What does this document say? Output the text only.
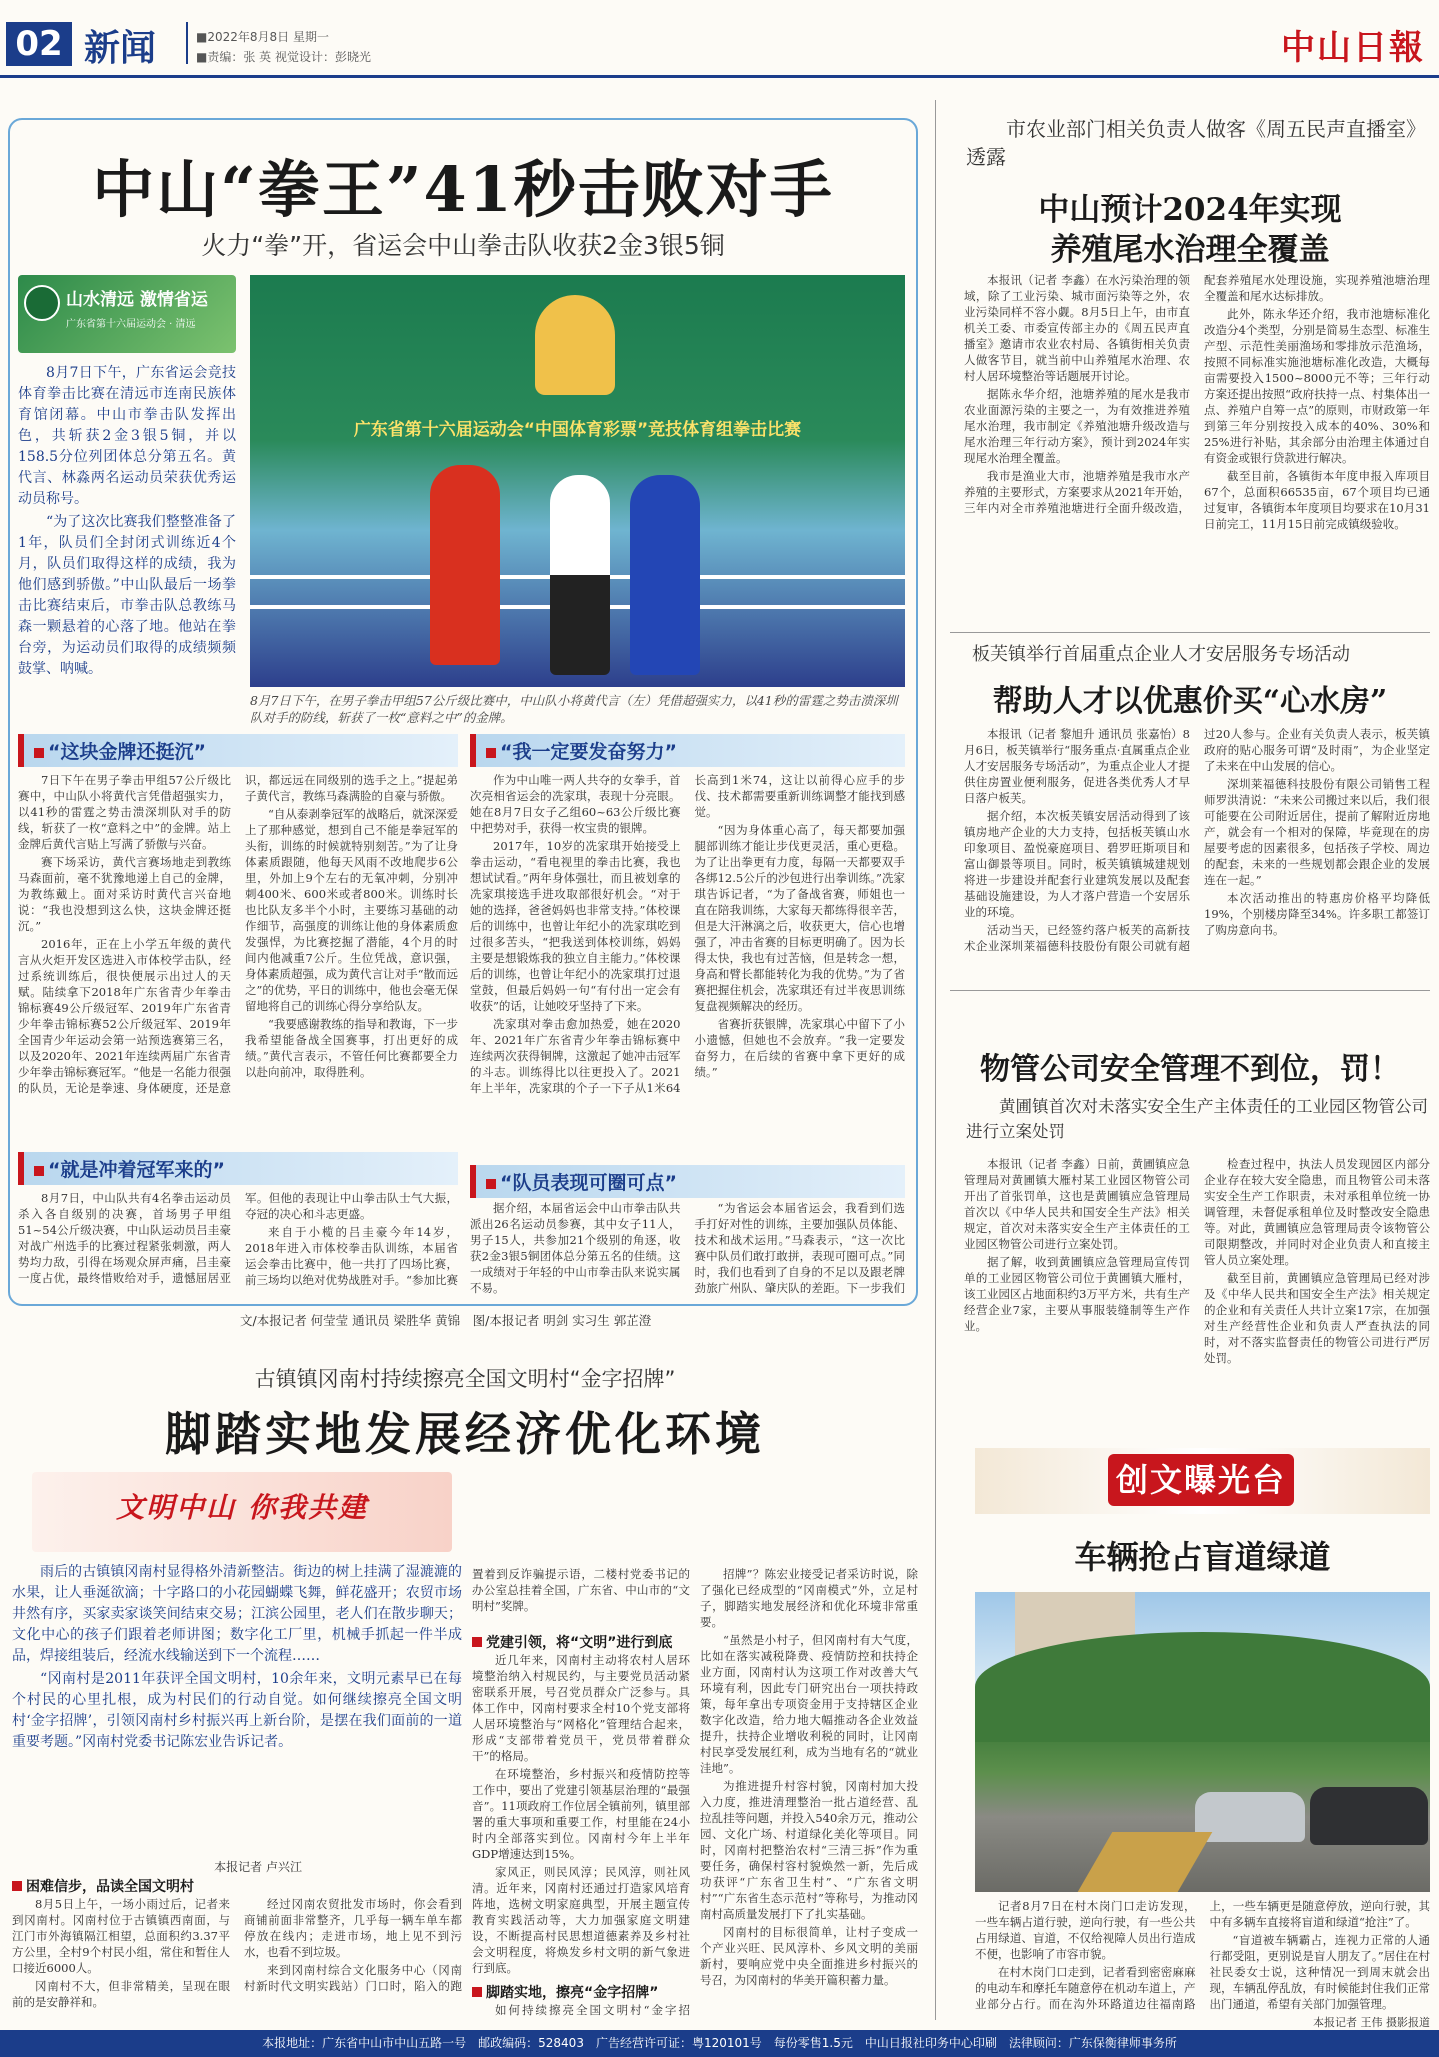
02 新闻	■2022年8月8日 星期一
■责编：张 英 视觉设计：彭晓光	中山日報
中山“拳王”41秒击败对手
火力“拳”开，省运会中山拳击队收获2金3银5铜
山水清远 激情省运
广东省第十六届运动会 · 清远

8月7日下午，广东省运会竞技体育拳击比赛在清远市连南民族体育馆闭幕。中山市拳击队发挥出色，共斩获2金3银5铜，并以158.5分位列团体总分第五名。黄代言、林淼两名运动员荣获优秀运动员称号。

“为了这次比赛我们整整准备了1年，队员们全封闭式训练近4个月，队员们取得这样的成绩，我为他们感到骄傲。”中山队最后一场拳击比赛结束后，市拳击队总教练马森一颗悬着的心落了地。他站在拳台旁，为运动员们取得的成绩频频鼓掌、呐喊。

广东省第十六届运动会“中国体育彩票”竞技体育组拳击比赛
8月7日下午，在男子拳击甲组57公斤级比赛中，中山队小将黄代言（左）凭借超强实力，以41秒的雷霆之势击溃深圳队对手的防线，斩获了一枚“意料之中”的金牌。
“这块金牌还挺沉”

7日下午在男子拳击甲组57公斤级比赛中，中山队小将黄代言凭借超强实力，以41秒的雷霆之势击溃深圳队对手的防线，斩获了一枚“意料之中”的金牌。站上金牌后黄代言贴上写满了骄傲与兴奋。

赛下场采访，黄代言赛场地走到教练马森面前，毫不犹豫地递上自己的金牌，为教练戴上。面对采访时黄代言兴奋地说：“我也没想到这么快，这块金牌还挺沉。”

2016年，正在上小学五年级的黄代言从火炬开发区选进入市体校学击队，经过系统训练后，很快便展示出过人的天赋。陆续拿下2018年广东省青少年拳击锦标赛49公斤级冠军、2019年广东省青少年拳击锦标赛52公斤级冠军、2019年全国青少年运动会第一站预选赛第三名，以及2020年、2021年连续两届广东省青少年拳击锦标赛冠军。“他是一名能力很强的队员，无论是拳速、身体硬度，还是意识，都远远在同级别的选手之上。”提起弟子黄代言，教练马森满脸的自豪与骄傲。

“自从泰剥拳冠军的战略后，就深深爱上了那种感觉，想到自己不能是拳冠军的头衔，训练的时候就特别刻苦。”为了让身体素质跟随，他每天风雨不改地爬步6公里，外加上9个左右的无氧冲刺，分别冲刺400米、600米或者800米。训练时长也比队友多半个小时，主要练习基础的动作细节，高强度的训练让他的身体素质愈发强悍，为比赛挖掘了潜能，4个月的时间内他减重7公斤。生位凭战，意识强，身体素质超强，成为黄代言让对手“散而远之”的优势，平日的训练中，他也会毫无保留地将自己的训练心得分享给队友。

“我要感谢教练的指导和教诲，下一步我希望能备战全国赛事，打出更好的成绩。”黄代言表示，不管任何比赛都要全力以赴向前冲，取得胜利。

“我一定要发奋努力”

作为中山唯一两人共夺的女拳手，首次亮相省运会的冼家琪，表现十分亮眼。她在8月7日女子乙组60~63公斤级比赛中把势对手，获得一枚宝贵的银牌。

2017年，10岁的冼家琪开始接受上拳击运动，“看电视里的拳击比赛，我也想试试看。”两年身体强壮，而且被划拿的冼家琪接选手进攻取部很好机会。“对于她的选择，爸爸妈妈也非常支持。”体校课后的训练中，也曾让年纪小的冼家琪吃到过很多苦头，“把我送到体校训练，妈妈主要是想锻炼我的独立自主能力。”体校课后的训练，也曾让年纪小的冼家琪打过退堂鼓，但最后妈妈一句“有付出一定会有收获”的话，让她咬牙坚持了下来。

冼家琪对拳击愈加热爱，她在2020年、2021年广东省青少年拳击锦标赛中连续两次获得铜牌，这激起了她冲击冠军的斗志。训练得比以往更投入了。2021年上半年，冼家琪的个子一下子从1米64长高到1米74，这让以前得心应手的步伐、技术都需要重新训练调整才能找到感觉。

“因为身体重心高了，每天都要加强腿部训练才能让步伐更灵活，重心更稳。为了让出拳更有力度，每隔一天都要双手各绑12.5公斤的沙包进行出拳训练。”冼家琪告诉记者，“为了备战省赛，师姐也一直在陪我训练，大家每天都练得很辛苦，但是大汗淋漓之后，收获更大，信心也增强了，冲击省赛的目标更明确了。因为长得太快，我也有过苦恼，但是转念一想，身高和臂长都能转化为我的优势。”为了省赛把握住机会，冼家琪还有过半夜思训练复盘视频解决的经历。

省赛折获银牌，冼家琪心中留下了小小遗憾，但她也不会放弃。“我一定要发奋努力，在后续的省赛中拿下更好的成绩。”

“就是冲着冠军来的”

8月7日，中山队共有4名拳击运动员杀入各自级别的决赛，首场男子甲组51~54公斤级决赛，中山队运动员吕圭豪对战广州选手的比赛过程紧张刺激，两人势均力敌，引得在场观众屏声痛，吕圭豪一度占优，最终惜败给对手，遗憾屈居亚军。但他的表现让中山拳击队士气大振，夺冠的决心和斗志更盛。

来自于小榄的吕圭豪今年14岁，2018年进入市体校拳击队训练，本届省运会拳击比赛中，他一共打了四场比赛，前三场均以绝对优势战胜对手。“参加比赛

“队员表现可圈可点”

据介绍，本届省运会中山市拳击队共派出26名运动员参赛，其中女子11人，男子15人，共参加21个级别的角逐，收获2金3银5铜团体总分第五名的佳绩。这一成绩对于年轻的中山市拳击队来说实属不易。

“为省运会本届省运会，我看到们选手打好对性的训练，主要加强队员体能、技术和战术运用。”马森表示，“这一次比赛中队员们敢打敢拼，表现可圈可点。”同时，我们也看到了自身的不足以及跟老牌劲旅广州队、肇庆队的差距。下一步我们

文/本报记者 何莹莹 通讯员 梁胜华 黄锦　图/本报记者 明剑 实习生 郭芷澄
市农业部门相关负责人做客《周五民声直播室》透露
中山预计2024年实现
养殖尾水治理全覆盖

本报讯（记者 李鑫）在水污染治理的领域，除了工业污染、城市面污染等之外，农业污染同样不容小觑。8月5日上午，由市直机关工委、市委宣传部主办的《周五民声直播室》邀请市农业农村局、各镇街相关负责人做客节目，就当前中山养殖尾水治理、农村人居环境整治等话题展开讨论。

据陈永华介绍，池塘养殖的尾水是我市农业面源污染的主要之一，为有效推进养殖尾水治理，我市制定《养殖池塘升级改造与尾水治理三年行动方案》，预计到2024年实现尾水治理全覆盖。

我市是渔业大市，池塘养殖是我市水产养殖的主要形式，方案要求从2021年开始，三年内对全市养殖池塘进行全面升级改造，配套养殖尾水处理设施，实现养殖池塘治理全覆盖和尾水达标排放。

此外，陈永华还介绍，我市池塘标准化改造分4个类型，分别是简易生态型、标准生产型、示范性美丽渔场和零排放示范渔场，按照不同标准实施池塘标准化改造，大概每亩需要投入1500~8000元不等；三年行动方案还提出按照“政府扶持一点、村集体出一点、养殖户自筹一点”的原则，市财政第一年到第三年分别按投入成本的40%、30%和25%进行补贴，其余部分由治理主体通过自有资金或银行贷款进行解决。

截至目前，各镇街本年度申报入库项目67个，总面积66535亩，67个项目均已通过复审，各镇街本年度项目均要求在10月31日前完工，11月15日前完成镇级验收。

板芙镇举行首届重点企业人才安居服务专场活动
帮助人才以优惠价买“心水房”

本报讯（记者 黎旭升 通讯员 张嘉怡）8月6日，板芙镇举行“服务重点·直属重点企业人才安居服务专场活动”，为重点企业人才提供住房置业便利服务，促进各类优秀人才早日落户板芙。

据介绍，本次板芙镇安居活动得到了该镇房地产企业的大力支持，包括板芙镇山水印象项目、盈悦豪庭项目、碧罗旺斯项目和富山御景等项目。同时，板芙镇镇城建规划将进一步建设并配套行业建筑发展以及配套基础设施建设，为人才落户营造一个安居乐业的环境。

活动当天，已经签约落户板芙的高新技术企业深圳莱福德科技股份有限公司就有超过20人参与。企业有关负责人表示，板芙镇政府的贴心服务可谓“及时雨”，为企业坚定了未来在中山发展的信心。

深圳莱福德科技股份有限公司销售工程师罗洪清说：“未来公司搬过来以后，我们很可能要在公司附近居住，提前了解附近房地产，就会有一个相对的保障，毕竟现在的房屋要考虑的因素很多，包括孩子学校、周边的配套，未来的一些规划都会跟企业的发展连在一起。”

本次活动推出的特惠房价格平均降低19%，个别楼房降至34%。许多职工都签订了购房意向书。

物管公司安全管理不到位，罚！
黄圃镇首次对未落实安全生产主体责任的工业园区物管公司进行立案处罚

本报讯（记者 李鑫）日前，黄圃镇应急管理局对黄圃镇大雁村某工业园区物管公司开出了首张罚单，这也是黄圃镇应急管理局首次以《中华人民共和国安全生产法》相关规定，首次对未落实安全生产主体责任的工业园区物管公司进行立案处罚。

据了解，收到黄圃镇应急管理局宣传罚单的工业园区物管公司位于黄圃镇大雁村，该工业园区占地面积约3万平方米，共有生产经营企业7家，主要从事服装缝制等生产作业。

检查过程中，执法人员发现园区内部分企业存在较大安全隐患，而且物管公司未落实安全生产工作职责，未对承租单位统一协调管理，未督促承租单位及时整改安全隐患等。对此，黄圃镇应急管理局责令该物管公司限期整改，并同时对企业负责人和直接主管人员立案处理。

截至目前，黄圃镇应急管理局已经对涉及《中华人民共和国安全生产法》相关规定的企业和有关责任人共计立案17宗，在加强对生产经营性企业和负责人严查执法的同时，对不落实监督责任的物管公司进行严厉处罚。

创文曝光台
车辆抢占盲道绿道

记者8月7日在村木岗门口走访发现，一些车辆占道行驶，逆向行驶，有一些公共占用绿道、盲道，不仅给视障人员出行造成不便，也影响了市容市貌。

在村木岗门口走到，记者看到密密麻麻的电动车和摩托车随意停在机动车道上，产业部分占行。而在沟外环路道边往福南路上，一些车辆更是随意停放，逆向行驶，其中有多辆车直接将盲道和绿道“抢注”了。

“盲道被车辆霸占，连视力正常的人通行都受阻，更别说是盲人朋友了。”居住在村社民委女士说，这种情况一到周末就会出现，车辆乱停乱放，有时候能封住我们正常出门通道，希望有关部门加强管理。

本报记者 王伟 摄影报道
古镇镇冈南村持续擦亮全国文明村“金字招牌”
脚踏实地发展经济优化环境
文明中山 你我共建

雨后的古镇镇冈南村显得格外清新整洁。街边的树上挂满了湿漉漉的水果，让人垂涎欲滴；十字路口的小花园蝴蝶飞舞，鲜花盛开；农贸市场井然有序，买家卖家谈笑间结束交易；江滨公园里，老人们在散步聊天；文化中心的孩子们跟着老师讲图；数字化工厂里，机械手抓起一件半成品，焊接组装后，经流水线输送到下一个流程……

“冈南村是2011年获评全国文明村，10余年来，文明元素早已在每个村民的心里扎根，成为村民们的行动自觉。如何继续擦亮全国文明村‘金字招牌’，引领冈南村乡村振兴再上新台阶，是摆在我们面前的一道重要考题。”冈南村党委书记陈宏业告诉记者。

本报记者 卢兴江
困难信步，品读全国文明村

8月5日上午，一场小雨过后，记者来到冈南村。冈南村位于古镇镇西南面，与江门市外海镇隔江相望，总面积约3.37平方公里，全村9个村民小组，常住和暂住人口接近6000人。

冈南村不大，但非常精美，呈现在眼前的是安静祥和。

经过冈南农贸批发市场时，你会看到商铺前面非常整齐，几乎每一辆车单车都停放在线内；走进市场，地上见不到污水，也看不到垃圾。

来到冈南村综合文化服务中心（冈南村新时代文明实践站）门口时，陷入的跑

置着到反诈骗提示语，二楼村党委书记的办公室总挂着全国，广东省、中山市的“文明村”奖牌。
党建引领，将“文明”进行到底

近几年来，冈南村主动将农村人居环境整治纳入村规民约，与主要党员活动紧密联系开展，号召党员群众广泛参与。具体工作中，冈南村要求全村10个党支部将人居环境整治与“网格化”管理结合起来，形成“支部带着党员干，党员带着群众干”的格局。

在环境整治，乡村振兴和疫情防控等工作中，要出了党建引领基层治理的“最强音”。11项政府工作位居全镇前列，镇里部署的重大事项和重要工作，村里能在24小时内全部落实到位。冈南村今年上半年GDP增速达到15%。

家风正，则民风淳；民风淳，则社风清。近年来，冈南村还通过打造家风培育阵地，选树文明家庭典型，开展主题宣传教育实践活动等，大力加强家庭文明建设，不断提高村民思想道德素养及乡村社会文明程度，将焕发乡村文明的新气象进行到底。

脚踏实地，擦亮“金字招牌”

如何持续擦亮全国文明村“金字招

招牌”？陈宏业接受记者采访时说，除了强化已经成型的“冈南模式”外，立足村子，脚踏实地发展经济和优化环境非常重要。

“虽然是小村子，但冈南村有大气度，比如在落实减税降费、疫情防控和扶持企业方面，冈南村认为这项工作对改善大气环境有利，因此专门研究出台一项扶持政策，每年拿出专项资金用于支持辖区企业数字化改造，给力地大幅推动各企业效益提升，扶持企业增收利税的同时，让冈南村民享受发展红利，成为当地有名的“就业洼地”。

为推进提升村容村貌，冈南村加大投入力度，推进清理整治一批占道经营、乱拉乱挂等问题，并投入540余万元，推动公园、文化广场、村道绿化美化等项目。同时，冈南村把整治农村“三清三拆”作为重要任务，确保村容村貌焕然一新，先后成功获评“广东省卫生村”、“广东省文明村”“广东省生态示范村”等称号，为推动冈南村高质量发展打下了扎实基础。

冈南村的目标很简单，让村子变成一个产业兴旺、民风淳朴、乡风文明的美丽新村，要响应党中央全面推进乡村振兴的号召，为冈南村的华美开篇积蓄力量。

本报地址：广东省中山市中山五路一号　邮政编码：528403　广告经营许可证：粤120101号　每份零售1.5元　中山日报社印务中心印刷　法律顾问：广东保衡律师事务所
